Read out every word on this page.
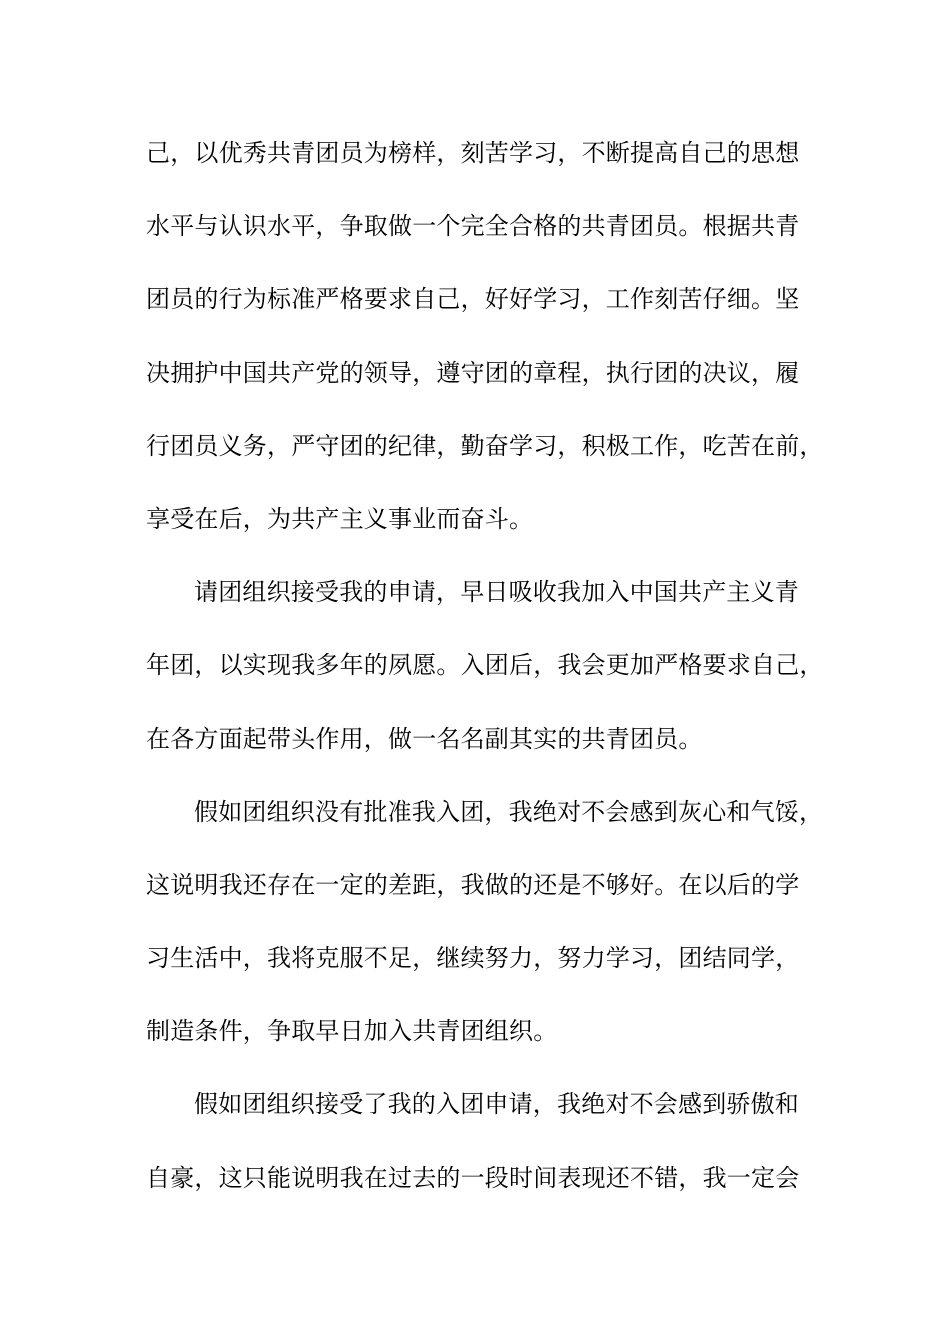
己，以优秀共青团员为榜样，刻苦学习，不断提高自己的思想
水平与认识水平，争取做一个完全合格的共青团员。根据共青
团员的行为标准严格要求自己，好好学习，工作刻苦仔细。坚
决拥护中国共产党的领导，遵守团的章程，执行团的决议，履
行团员义务，严守团的纪律，勤奋学习，积极工作，吃苦在前，
享受在后，为共产主义事业而奋斗。
请团组织接受我的申请，早日吸收我加入中国共产主义青
年团，以实现我多年的夙愿。入团后，我会更加严格要求自己，
在各方面起带头作用，做一名名副其实的共青团员。
假如团组织没有批准我入团，我绝对不会感到灰心和气馁，
这说明我还存在一定的差距，我做的还是不够好。在以后的学
习生活中，我将克服不足，继续努力，努力学习，团结同学，
制造条件，争取早日加入共青团组织。
假如团组织接受了我的入团申请，我绝对不会感到骄傲和
自豪，这只能说明我在过去的一段时间表现还不错，我一定会
